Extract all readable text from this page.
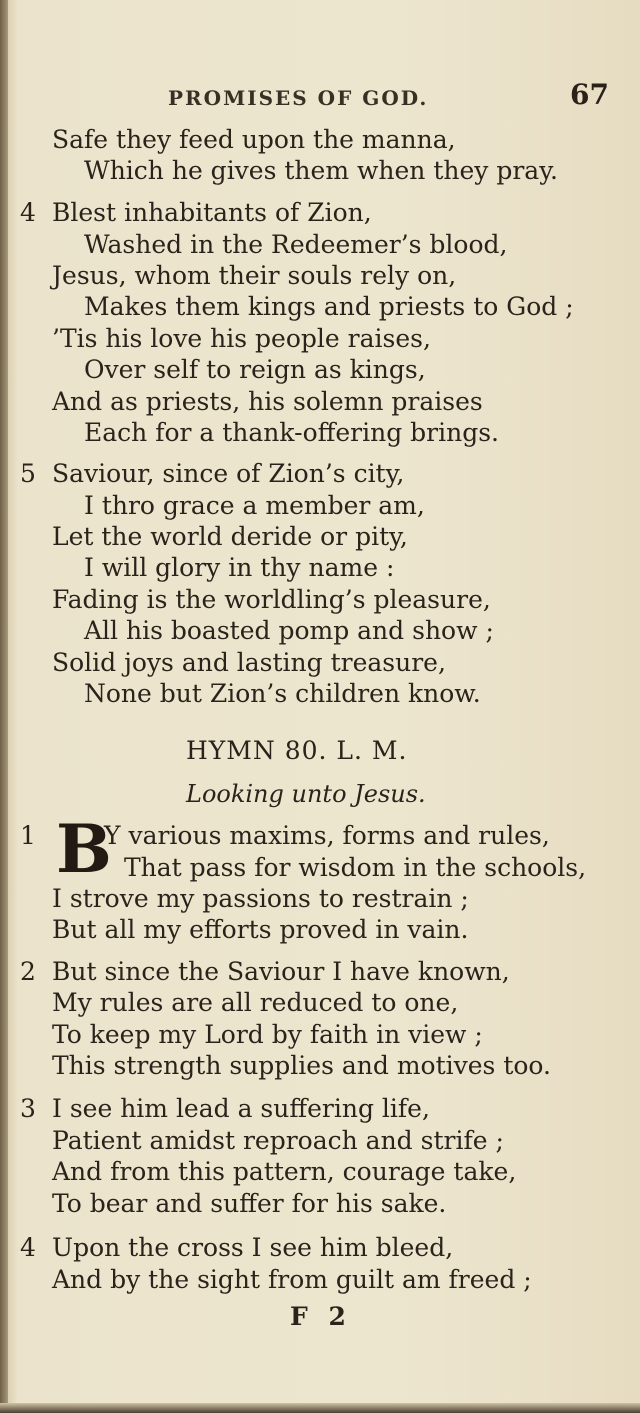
PROMISES OF GOD.	67
Safe they feed upon the manna,
Which he gives them when they pray.
4 Blest inhabitants of Zion,
Washed in the Redeemer’s blood,
Jesus, whom their souls rely on,
Makes them kings and priests to God ;
’Tis his love his people raises,
Over self to reign as kings,
And as priests, his solemn praises
Each for a thank-offering brings.
5 Saviour, since of Zion’s city,
I thro grace a member am,
Let the world deride or pity,
I will glory in thy name :
Fading is the worldling’s pleasure,
All his boasted pomp and show ;
Solid joys and lasting treasure,
None but Zion’s children know.
HYMN 80. L. M.
Looking unto Jesus.
1 B
Y various maxims, forms and rules,
That pass for wisdom in the schools,
I strove my passions to restrain ;
But all my efforts proved in vain.
2 But since the Saviour I have known,
My rules are all reduced to one,
To keep my Lord by faith in view ;
This strength supplies and motives too.
3 I see him lead a suffering life,
Patient amidst reproach and strife ;
And from this pattern, courage take,
To bear and suffer for his sake.
4 Upon the cross I see him bleed,
And by the sight from guilt am freed ;
F 2
